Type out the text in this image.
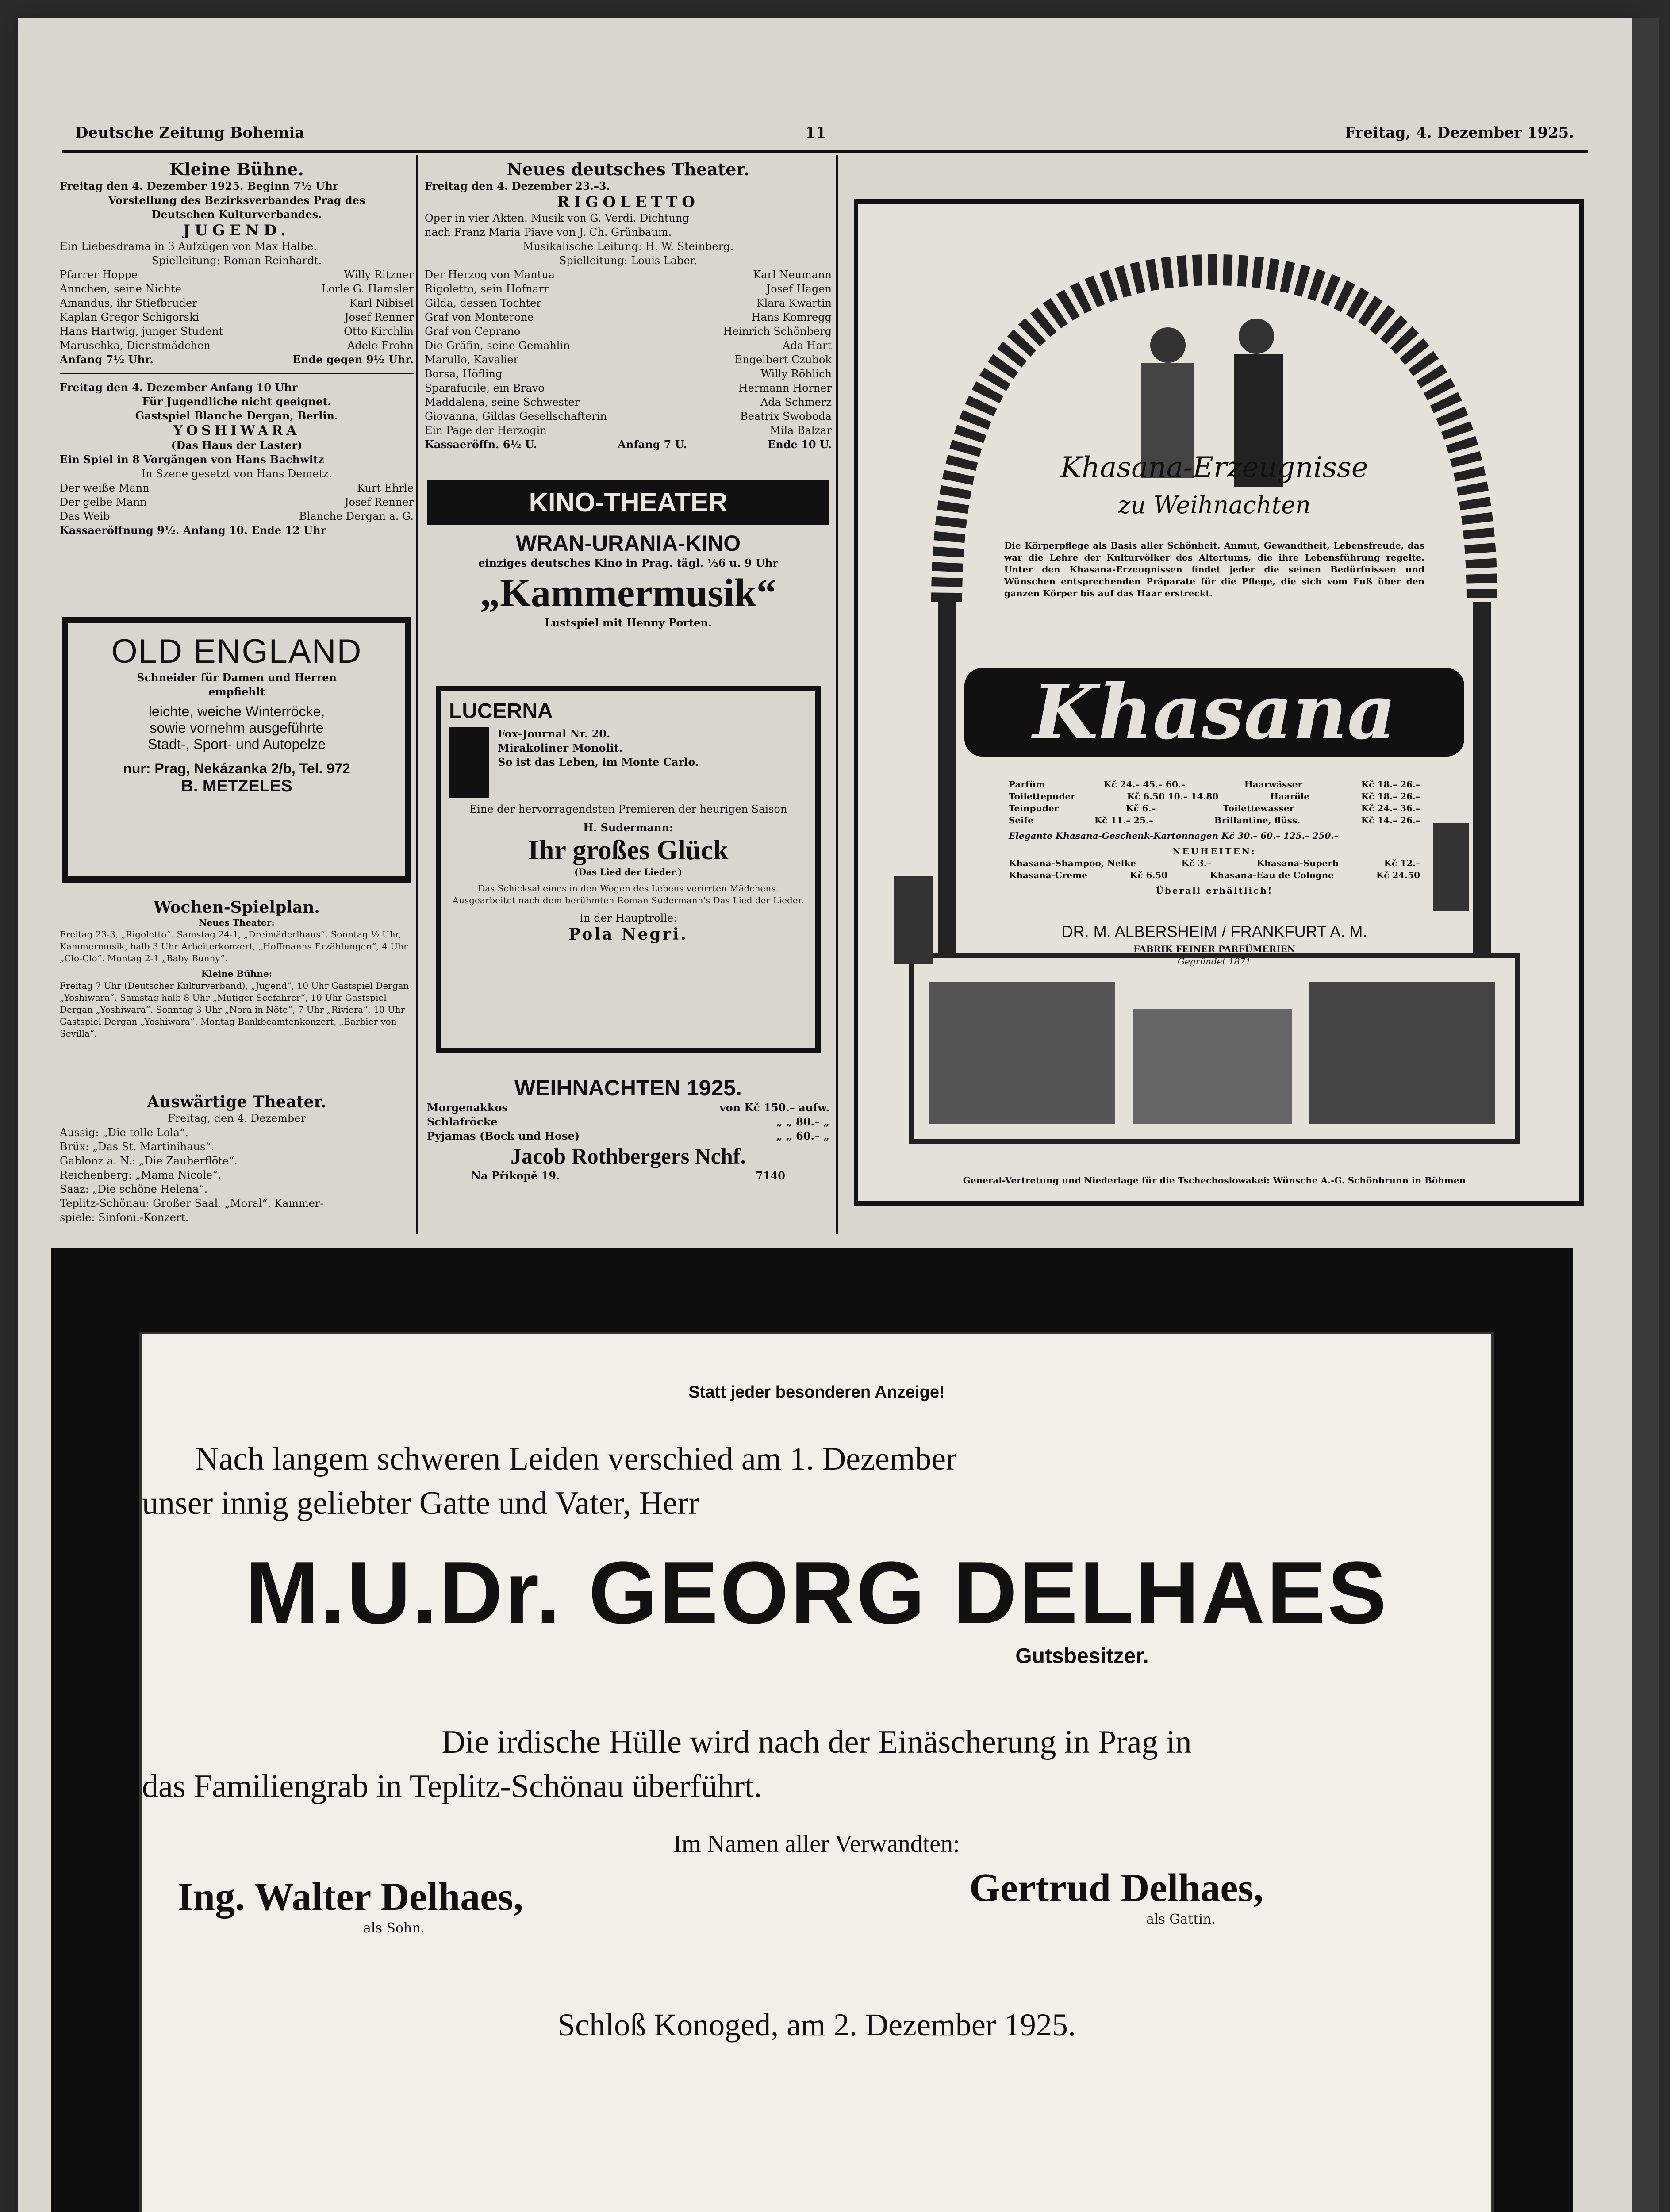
Deutsche Zeitung Bohemia	11	Freitag, 4. Dezember 1925.
Kleine Bühne.
Freitag den 4. Dezember 1925. Beginn 7½ Uhr
Vorstellung des Bezirksverbandes Prag des
Deutschen Kulturverbandes.
JUGEND.
Ein Liebesdrama in 3 Aufzügen von Max Halbe.
Spielleitung: Roman Reinhardt.
Pfarrer Hoppe	Willy Ritzner
Annchen, seine Nichte	Lorle G. Hamsler
Amandus, ihr Stiefbruder	Karl Nibisel
Kaplan Gregor Schigorski	Josef Renner
Hans Hartwig, junger Student	Otto Kirchlin
Maruschka, Dienstmädchen	Adele Frohn
Anfang 7½ Uhr.	Ende gegen 9½ Uhr.
Freitag den 4. Dezember Anfang 10 Uhr
Für Jugendliche nicht geeignet.
Gastspiel Blanche Dergan, Berlin.
YOSHIWARA
(Das Haus der Laster)
Ein Spiel in 8 Vorgängen von Hans Bachwitz
In Szene gesetzt von Hans Demetz.
Der weiße Mann	Kurt Ehrle
Der gelbe Mann	Josef Renner
Das Weib	Blanche Dergan a. G.
Kassaeröffnung 9½. Anfang 10. Ende 12 Uhr
OLD ENGLAND
Schneider für Damen und Herren
empfiehlt
leichte, weiche Winterröcke,
sowie vornehm ausgeführte
Stadt-, Sport- und Autopelze
nur: Prag, Nekázanka 2/b, Tel. 972
B. METZELES
Wochen-Spielplan.
Neues Theater:
Freitag 23-3, „Rigoletto“. Samstag 24-1, „Dreimäderlhaus“. Sonntag ½ Uhr, Kammermusik, halb 3 Uhr Arbeiterkonzert, „Hoffmanns Erzählungen“, 4 Uhr „Clo-Clo“. Montag 2-1 „Baby Bunny“.
Kleine Bühne:
Freitag 7 Uhr (Deutscher Kulturverband), „Jugend“, 10 Uhr Gastspiel Dergan „Yoshiwara“. Samstag halb 8 Uhr „Mutiger Seefahrer“, 10 Uhr Gastspiel Dergan „Yoshiwara“. Sonntag 3 Uhr „Nora in Nöte“, 7 Uhr „Riviera“, 10 Uhr Gastspiel Dergan „Yoshiwara“. Montag Bankbeamtenkonzert, „Barbier von Sevilla“.
Auswärtige Theater.
Freitag, den 4. Dezember
Aussig: „Die tolle Lola“.
Brüx: „Das St. Martinihaus“.
Gablonz a. N.: „Die Zauberflöte“.
Reichenberg: „Mama Nicole“.
Saaz: „Die schöne Helena“.
Teplitz-Schönau: Großer Saal. „Moral“. Kammer-
spiele: Sinfoni.-Konzert.
Neues deutsches Theater.
Freitag den 4. Dezember 23.–3.
RIGOLETTO
Oper in vier Akten. Musik von G. Verdi. Dichtung
nach Franz Maria Piave von J. Ch. Grünbaum.
Musikalische Leitung: H. W. Steinberg.
Spielleitung: Louis Laber.
Der Herzog von Mantua	Karl Neumann
Rigoletto, sein Hofnarr	Josef Hagen
Gilda, dessen Tochter	Klara Kwartin
Graf von Monterone	Hans Komregg
Graf von Ceprano	Heinrich Schönberg
Die Gräfin, seine Gemahlin	Ada Hart
Marullo, Kavalier	Engelbert Czubok
Borsa, Höfling	Willy Röhlich
Sparafucile, ein Bravo	Hermann Horner
Maddalena, seine Schwester	Ada Schmerz
Giovanna, Gildas Gesellschafterin	Beatrix Swoboda
Ein Page der Herzogin	Mila Balzar
Kassaeröffn. 6½ U.	Anfang 7 U.	Ende 10 U.
KINO-THEATER
WRAN-URANIA-KINO
einziges deutsches Kino in Prag. tägl. ½6 u. 9 Uhr
„Kammermusik“
Lustspiel mit Henny Porten.
LUCERNA
Fox-Journal Nr. 20.
Mirakoliner Monolit.
So ist das Leben, im Monte Carlo.
Eine der hervorragendsten Premieren der heurigen Saison
H. Sudermann:
Ihr großes Glück
(Das Lied der Lieder.)
Das Schicksal eines in den Wogen des Lebens verirrten Mädchens.
Ausgearbeitet nach dem berühmten Roman Sudermann's Das Lied der Lieder.
In der Hauptrolle:
Pola Negri.
WEIHNACHTEN 1925.
Morgenakkos	von Kč 150.– aufw.
Schlafröcke	„ „ 80.– „
Pyjamas (Bock und Hose)	„ „ 60.– „
Jacob Rothbergers Nchf.
Na Příkopě 19.	7140
Khasana-Erzeugnisse
zu Weihnachten
Die Körperpflege als Basis aller Schönheit. Anmut, Gewandtheit, Lebensfreude, das war die Lehre der Kulturvölker des Altertums, die ihre Lebensführung regelte. Unter den Khasana-Erzeugnissen findet jeder die seinen Bedürfnissen und Wünschen entsprechenden Präparate für die Pflege, die sich vom Fuß über den ganzen Körper bis auf das Haar erstreckt.
Khasana
Parfüm	Kč 24.– 45.– 60.–	Haarwässer	Kč 18.– 26.–
Toilettepuder	Kč 6.50 10.– 14.80	Haaröle	Kč 18.– 26.–
Teinpuder	Kč 6.–	Toilettewasser	Kč 24.– 36.–
Seife	Kč 11.– 25.–	Brillantine, flüss.	Kč 14.– 26.–
Elegante Khasana-Geschenk-Kartonnagen Kč 30.– 60.– 125.– 250.–
NEUHEITEN:
Khasana-Shampoo, Nelke	Kč 3.–	Khasana-Superb	Kč 12.–
Khasana-Creme	Kč 6.50	Khasana-Eau de Cologne	Kč 24.50
Überall erhältlich!
DR. M. ALBERSHEIM / FRANKFURT A. M.
FABRIK FEINER PARFÜMERIEN
Gegründet 1871
General-Vertretung und Niederlage für die Tschechoslowakei: Wünsche A.-G. Schönbrunn in Böhmen
Statt jeder besonderen Anzeige!
Nach langem schweren Leiden verschied am 1. Dezember
unser innig geliebter Gatte und Vater, Herr
M.U.Dr. GEORG DELHAES
Gutsbesitzer.
Die irdische Hülle wird nach der Einäscherung in Prag in
das Familiengrab in Teplitz-Schönau überführt.
Im Namen aller Verwandten:
Ing. Walter Delhaes,
als Sohn.
Gertrud Delhaes,
als Gattin.
Schloß Konoged, am 2. Dezember 1925.
